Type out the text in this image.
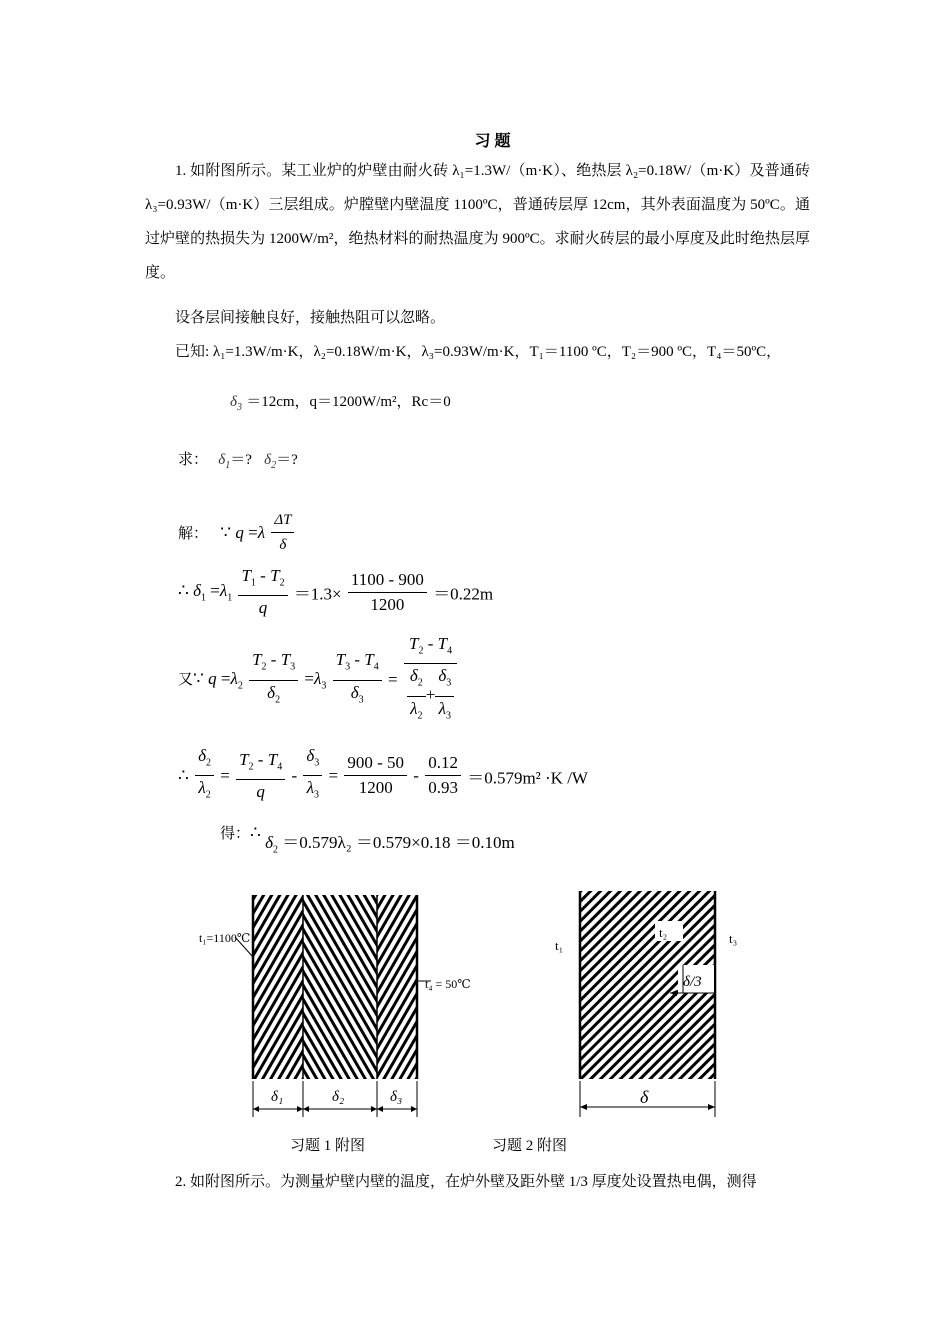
习 题
1. 如附图所示。某工业炉的炉壁由耐火砖 λ₁=1.3W/（m·K）、绝热层 λ₂=0.18W/（m·K）及普通砖 λ₃=0.93W/（m·K）三层组成。炉膛壁内壁温度 1100ºC，普通砖层厚 12cm，其外表面温度为 50ºC。通过炉壁的热损失为 1200W/m²，绝热材料的耐热温度为 900ºC。求耐火砖层的最小厚度及此时绝热层厚度。
设各层间接触良好，接触热阻可以忽略。
已知: λ₁=1.3W/m·K，λ₂=0.18W/m·K，λ₃=0.93W/m·K，T₁＝1100 ºC，T₂＝900 ºC，T₄＝50ºC，
$\delta_3 =12cm$，q＝1200W/m²，Rc＝0
求： $\delta_1=$? $\delta_2=$?
解： ∵ $q =\lambda \frac{\Delta T}{\delta}$
∴ $\delta_1 =\lambda_1 \frac{T_1 - T_2}{q} =1.3\times \frac{1100 - 900}{1200} =0.22m$
又∵ $q =\lambda_2 \frac{T_2 - T_3}{\delta_2} =\lambda_3 \frac{T_3 - T_4}{\delta_3} = \frac{T_2 - T_4}{\frac{\delta_2}{\lambda_2} + \frac{\delta_3}{\lambda_3}}$
∴ $\frac{\delta_2}{\lambda_2} = \frac{T_2 - T_4}{q} - \frac{\delta_3}{\lambda_3} = \frac{900 - 50}{1200} - \frac{0.12}{0.93} =0.579m^2 \cdot K$ /W
得：∴ $\delta_2 =0.579\lambda_2 =0.579\times 0.18 =0.10m$
t₁=1100℃
t₄ = 50℃
δ₁	δ₂	δ₃
t₁
t₂	t₃
δ/3
δ
习题 1 附图	习题 2 附图
2. 如附图所示。为测量炉壁内壁的温度，在炉外壁及距外壁 1/3 厚度处设置热电偶，测得
